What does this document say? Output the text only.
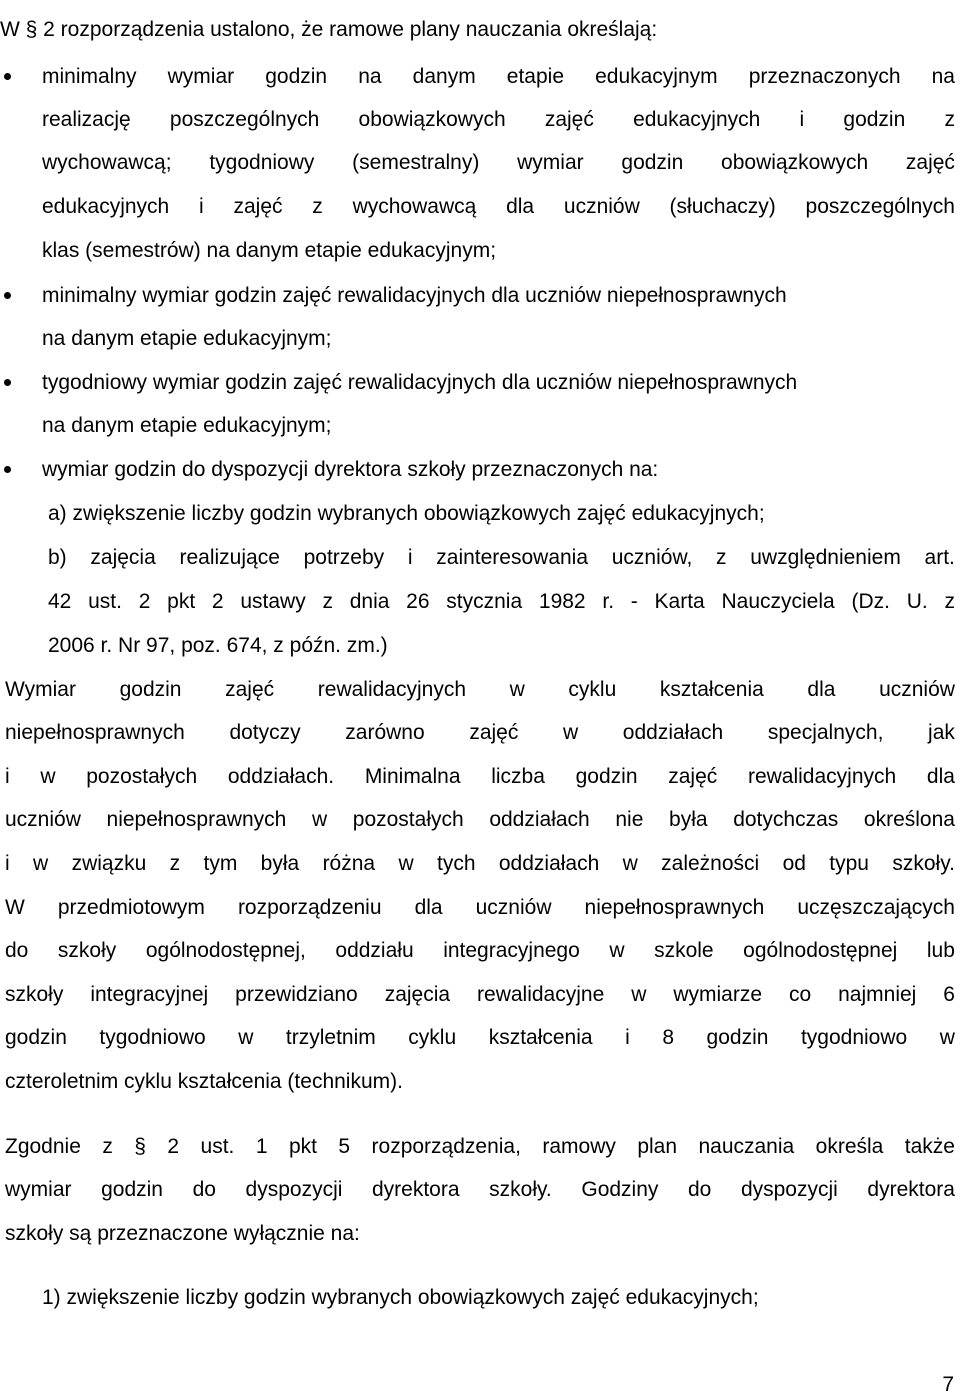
W § 2 rozporządzenia ustalono, że ramowe plany nauczania określają:
minimalny wymiar godzin na danym etapie edukacyjnym przeznaczonych na
realizację poszczególnych obowiązkowych zajęć edukacyjnych i godzin z
wychowawcą; tygodniowy (semestralny) wymiar godzin obowiązkowych zajęć
edukacyjnych i zajęć z wychowawcą dla uczniów (słuchaczy) poszczególnych
klas (semestrów) na danym etapie edukacyjnym;
minimalny wymiar godzin zajęć rewalidacyjnych dla uczniów niepełnosprawnych
na danym etapie edukacyjnym;
tygodniowy wymiar godzin zajęć rewalidacyjnych dla uczniów niepełnosprawnych
na danym etapie edukacyjnym;
wymiar godzin do dyspozycji dyrektora szkoły przeznaczonych na:
a) zwiększenie liczby godzin wybranych obowiązkowych zajęć edukacyjnych;
b) zajęcia realizujące potrzeby i zainteresowania uczniów, z uwzględnieniem art.
42 ust. 2 pkt 2 ustawy z dnia 26 stycznia 1982 r. - Karta Nauczyciela (Dz. U. z
2006 r. Nr 97, poz. 674, z późn. zm.)
Wymiar godzin zajęć rewalidacyjnych w cyklu kształcenia dla uczniów
niepełnosprawnych dotyczy zarówno zajęć w oddziałach specjalnych, jak
i w pozostałych oddziałach. Minimalna liczba godzin zajęć rewalidacyjnych dla
uczniów niepełnosprawnych w pozostałych oddziałach nie była dotychczas określona
i w związku z tym była różna w tych oddziałach w zależności od typu szkoły.
W przedmiotowym rozporządzeniu dla uczniów niepełnosprawnych uczęszczających
do szkoły ogólnodostępnej, oddziału integracyjnego w szkole ogólnodostępnej lub
szkoły integracyjnej przewidziano zajęcia rewalidacyjne w wymiarze co najmniej 6
godzin tygodniowo w trzyletnim cyklu kształcenia i 8 godzin tygodniowo w
czteroletnim cyklu kształcenia (technikum).
Zgodnie z § 2 ust. 1 pkt 5 rozporządzenia, ramowy plan nauczania określa także
wymiar godzin do dyspozycji dyrektora szkoły. Godziny do dyspozycji dyrektora
szkoły są przeznaczone wyłącznie na:
1) zwiększenie liczby godzin wybranych obowiązkowych zajęć edukacyjnych;
7
